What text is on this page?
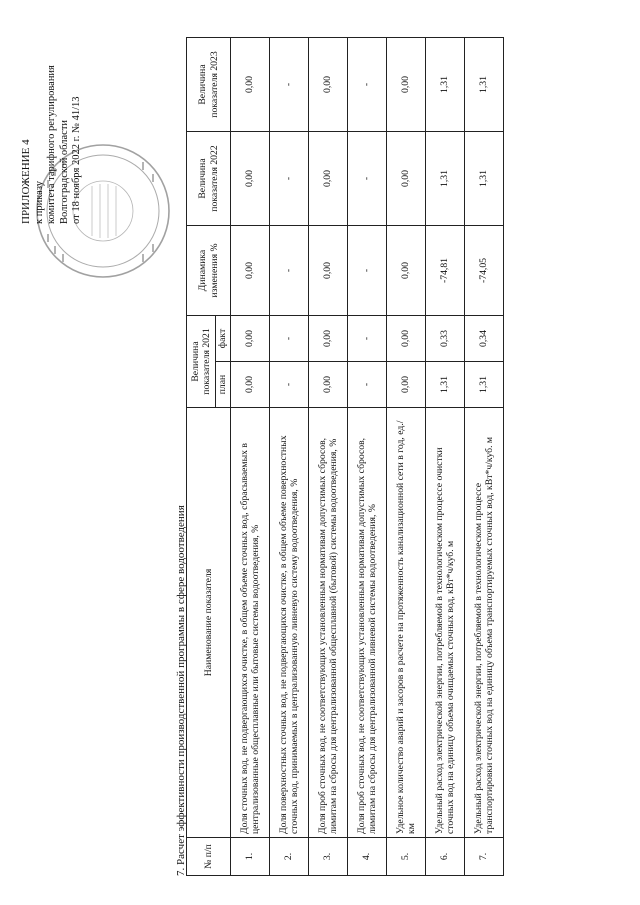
ПРИЛОЖЕНИЕ 4 к приказу комитета тарифного регулирования Волгоградской области от 18 ноября 2022 г. № 41/13
7. Расчет эффективности производственной программы в сфере водоотведения № п/п	Наименование показателя	Величина показателя 2021		Динамика изменения %	Величина показателя 2022	Величина показателя 2023
		план	факт			
1.	Доля сточных вод, не подвергающихся очистке, в общем объеме сточных вод, сбрасываемых в централизованные общесплавные или бытовые системы водоотведения, %	0,00	0,00	0,00	0,00	0,00
2.	Доля поверхностных сточных вод, не подвергающихся очистке, в общем объеме поверхностных сточных вод, принимаемых в централизованную ливневую систему водоотведения, %	-	-	-	-	-
3.	Доля проб сточных вод, не соответствующих установленным нормативам допустимых сбросов, лимитам на сбросы для централизованной общесплавной (бытовой) системы водоотведения, %	0,00	0,00	0,00	0,00	0,00
4.	Доля проб сточных вод, не соответствующих установленным нормативам допустимых сбросов, лимитам на сбросы для централизованной ливневой системы водоотведения, %	-	-	-	-	-
5.	Удельное количество аварий и засоров в расчете на протяженность канализационной сети в год, ед./км	0,00	0,00	0,00	0,00	0,00
6.	Удельный расход электрической энергии, потребляемой в технологическом процессе очистки сточных вод на единицу объема очищаемых сточных вод, кВт*ч/куб. м	1,31	0,33	-74,81	1,31	1,31
7.	Удельный расход электрической энергии, потребляемой в технологическом процессе транспортировки сточных вод на единицу объема транспортируемых сточных вод, кВт*ч/куб. м	1,31	0,34	-74,05	1,31	1,31
